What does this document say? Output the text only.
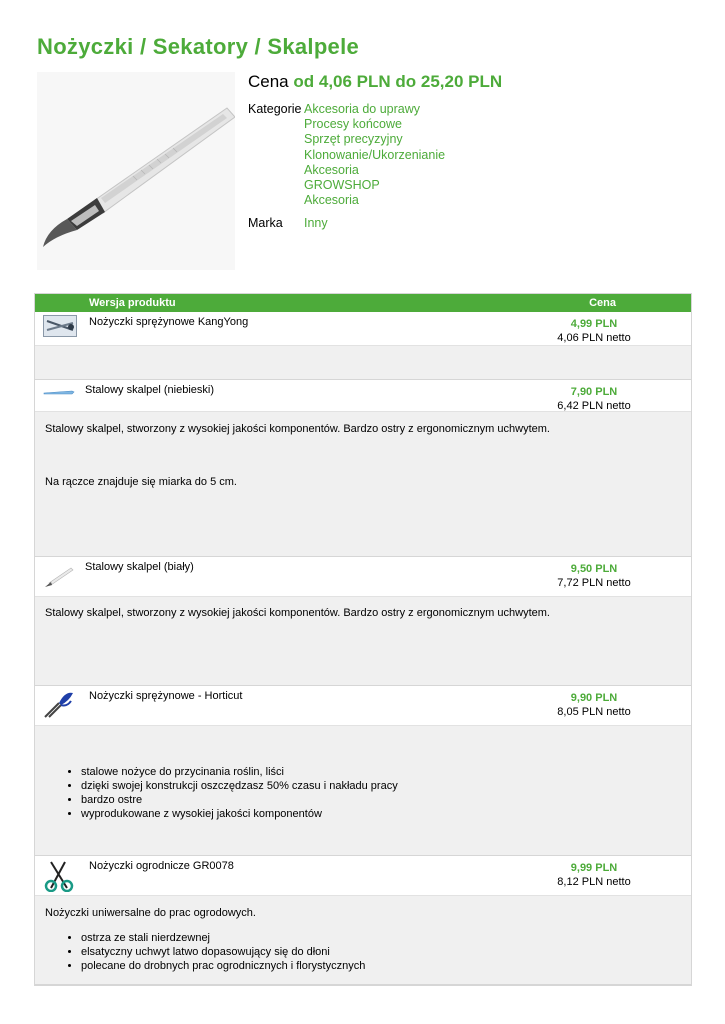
Nożyczki / Sekatory / Skalpele
Cena od 4,06 PLN do 25,20 PLN
Kategorie Akcesoria do uprawy
Procesy końcowe
Sprzęt precyzyjny
Klonowanie/Ukorzenianie
Akcesoria
GROWSHOP
Akcesoria
Marka	Inny
Wersja produktu	Cena
Nożyczki sprężynowe KangYong	4,99 PLN
4,06 PLN netto
Stalowy skalpel (niebieski)	7,90 PLN
6,42 PLN netto

Stalowy skalpel, stworzony z wysokiej jakości komponentów. Bardzo ostry z ergonomicznym uchwytem.

Na rączce znajduje się miarka do 5 cm.

Stalowy skalpel (biały)	9,50 PLN
7,72 PLN netto

Stalowy skalpel, stworzony z wysokiej jakości komponentów. Bardzo ostry z ergonomicznym uchwytem.

Nożyczki sprężynowe - Horticut	9,90 PLN
8,05 PLN netto
• stalowe nożyce do przycinania roślin, liści
• dzięki swojej konstrukcji oszczędzasz 50% czasu i nakładu pracy
• bardzo ostre
• wyprodukowane z wysokiej jakości komponentów
Nożyczki ogrodnicze GR0078	9,99 PLN
8,12 PLN netto

Nożyczki uniwersalne do prac ogrodowych.

• ostrza ze stali nierdzewnej
• elsatyczny uchwyt latwo dopasowujący się do dłoni
• polecane do drobnych prac ogrodnicznych i florystycznych
